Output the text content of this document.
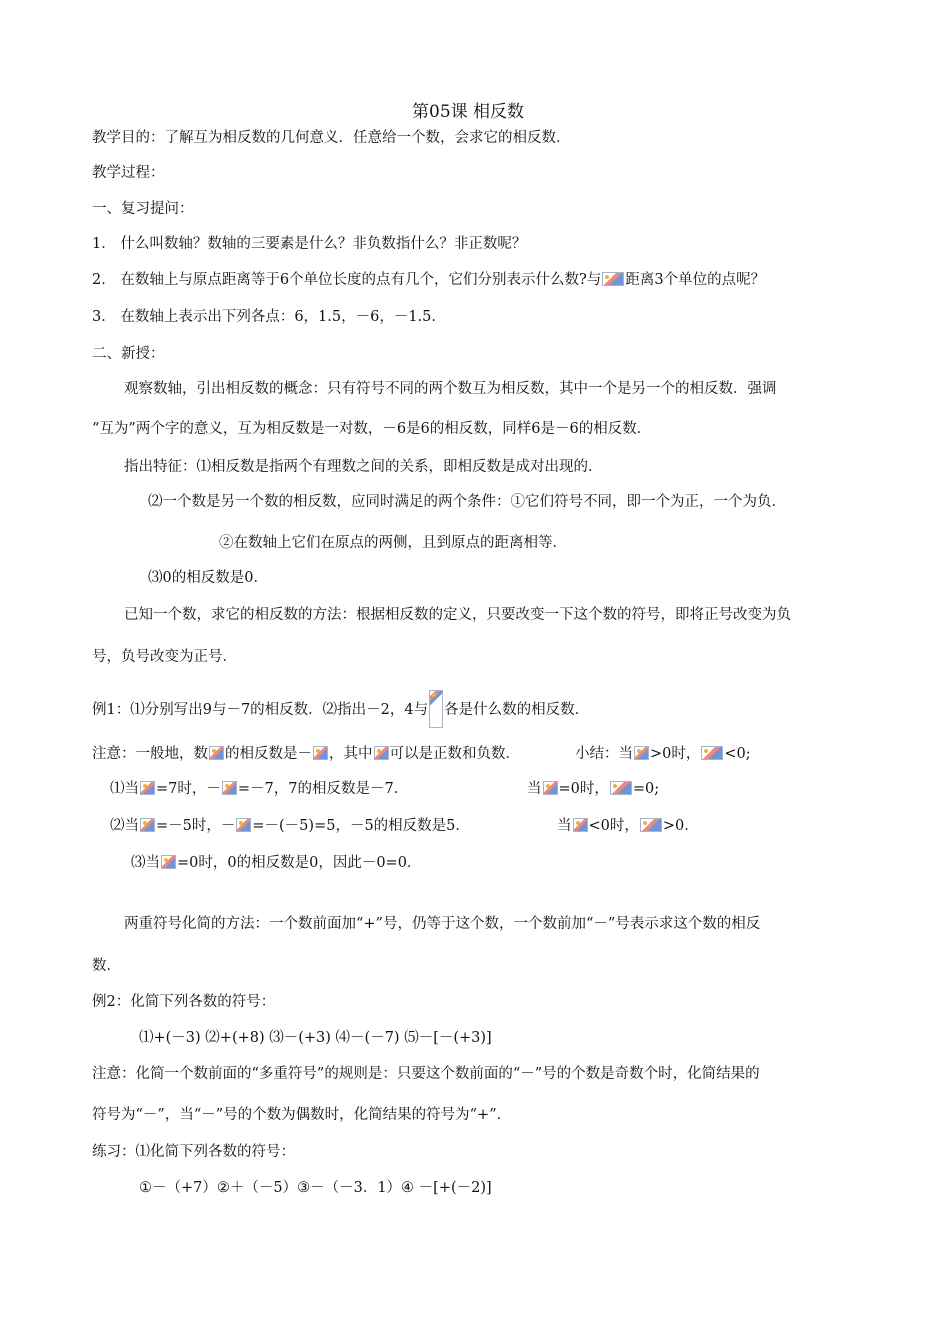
第05课 相反数
教学目的：了解互为相反数的几何意义．任意给一个数，会求它的相反数．
教学过程：
一、复习提问：
1． 什么叫数轴？数轴的三要素是什么？非负数指什么？非正数呢？
2． 在数轴上与原点距离等于6个单位长度的点有几个，它们分别表示什么数?与 距离3个单位的点呢？
3． 在数轴上表示出下列各点：6，1.5，－6，－1.5．
二、新授：
观察数轴，引出相反数的概念：只有符号不同的两个数互为相反数，其中一个是另一个的相反数．强调
“互为”两个字的意义，互为相反数是一对数，－6是6的相反数，同样6是－6的相反数．
指出特征：⑴相反数是指两个有理数之间的关系，即相反数是成对出现的．
⑵一个数是另一个数的相反数，应同时满足的两个条件：①它们符号不同，即一个为正，一个为负．
②在数轴上它们在原点的两侧，且到原点的距离相等．
⑶0的相反数是0．
已知一个数，求它的相反数的方法：根据相反数的定义，只要改变一下这个数的符号，即将正号改变为负
号，负号改变为正号．
例1：⑴分别写出9与－7的相反数．⑵指出－2，4与 各是什么数的相反数．
注意：一般地，数 的相反数是－ ，其中 可以是正数和负数．	小结：当 >0时， <0;
⑴当 =7时，－ =－7，7的相反数是－7．	当 =0时， =0;
⑵当 =－5时，－ =－(－5)=5，－5的相反数是5．	当 <0时， >0．
⑶当 =0时，0的相反数是0，因此－0=0．
两重符号化简的方法：一个数前面加“+”号，仍等于这个数，一个数前加“－”号表示求这个数的相反
数．
例2：化简下列各数的符号：
⑴+(－3) ⑵+(+8) ⑶－(+3) ⑷－(－7) ⑸－[－(+3)]
注意：化简一个数前面的“多重符号”的规则是：只要这个数前面的“－”号的个数是奇数个时，化简结果的
符号为“－”，当“－”号的个数为偶数时，化简结果的符号为“+”．
练习：⑴化简下列各数的符号：
①－（+7）②＋（－5）③－（－3．1）④ －[+(－2)]
